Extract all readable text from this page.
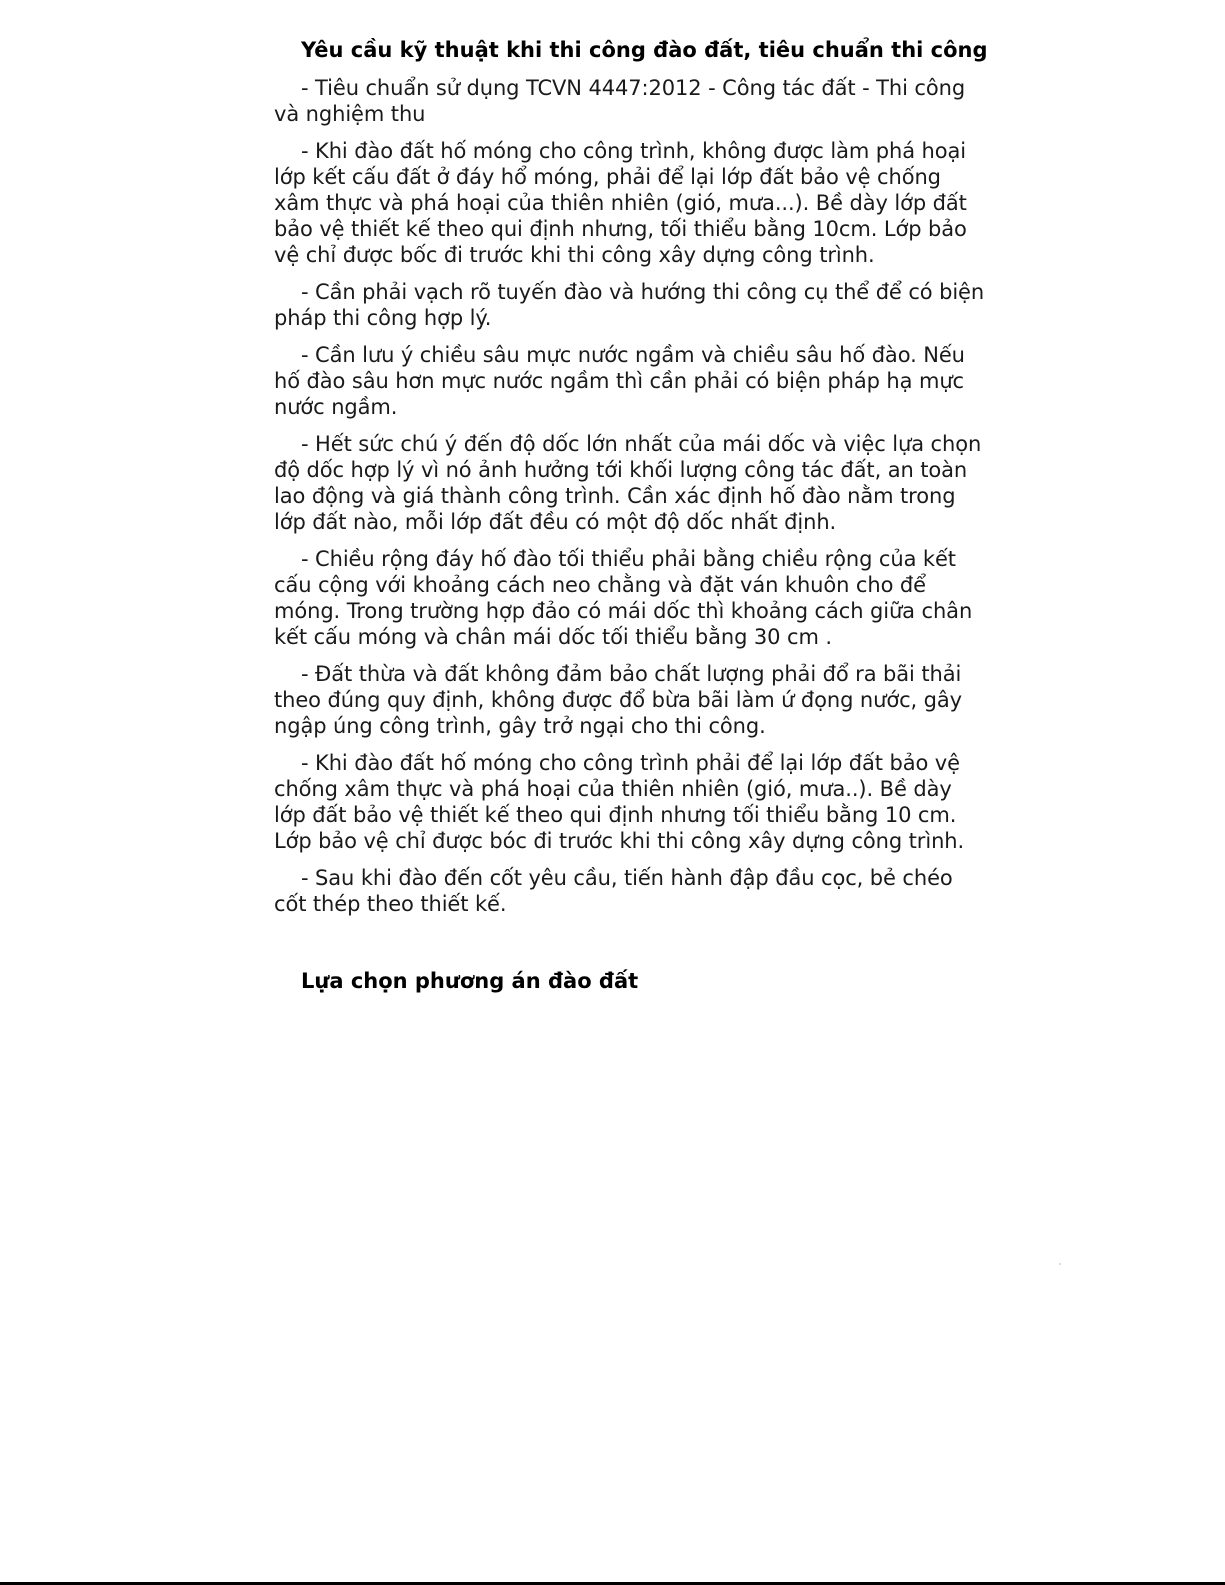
Yêu cầu kỹ thuật khi thi công đào đất, tiêu chuẩn thi công

- Tiêu chuẩn sử dụng TCVN 4447:2012 - Công tác đất - Thi công và nghiệm thu

- Khi đào đất hố móng cho công trình, không được làm phá hoại lớp kết cấu đất ở đáy hổ móng, phải để lại lớp đất bảo vệ chống xâm thực và phá hoại của thiên nhiên (gió, mưa...). Bề dày lớp đất bảo vệ thiết kế theo qui định nhưng, tối thiểu bằng 10cm. Lớp bảo vệ chỉ được bốc đi trước khi thi công xây dựng công trình.

- Cần phải vạch rõ tuyến đào và hướng thi công cụ thể để có biện pháp thi công hợp lý.

- Cần lưu ý chiều sâu mực nước ngầm và chiều sâu hố đào. Nếu hố đào sâu hơn mực nước ngầm thì cần phải có biện pháp hạ mực nước ngầm.

- Hết sức chú ý đến độ dốc lớn nhất của mái dốc và việc lựa chọn độ dốc hợp lý vì nó ảnh hưởng tới khối lượng công tác đất, an toàn lao động và giá thành công trình. Cần xác định hố đào nằm trong lớp đất nào, mỗi lớp đất đều có một độ dốc nhất định.

- Chiều rộng đáy hố đào tối thiểu phải bằng chiều rộng của kết cấu cộng với khoảng cách neo chằng và đặt ván khuôn cho để móng. Trong trường hợp đảo có mái dốc thì khoảng cách giữa chân kết cấu móng và chân mái dốc tối thiểu bằng 30 cm .

- Đất thừa và đất không đảm bảo chất lượng phải đổ ra bãi thải theo đúng quy định, không được đổ bừa bãi làm ứ đọng nước, gây ngập úng công trình, gây trở ngại cho thi công.

- Khi đào đất hố móng cho công trình phải để lại lớp đất bảo vệ chống xâm thực và phá hoại của thiên nhiên (gió, mưa..). Bề dày lớp đất bảo vệ thiết kế theo qui định nhưng tối thiểu bằng 10 cm. Lớp bảo vệ chỉ được bóc đi trước khi thi công xây dựng công trình.

- Sau khi đào đến cốt yêu cầu, tiến hành đập đầu cọc, bẻ chéo cốt thép theo thiết kế.

Lựa chọn phương án đào đất
